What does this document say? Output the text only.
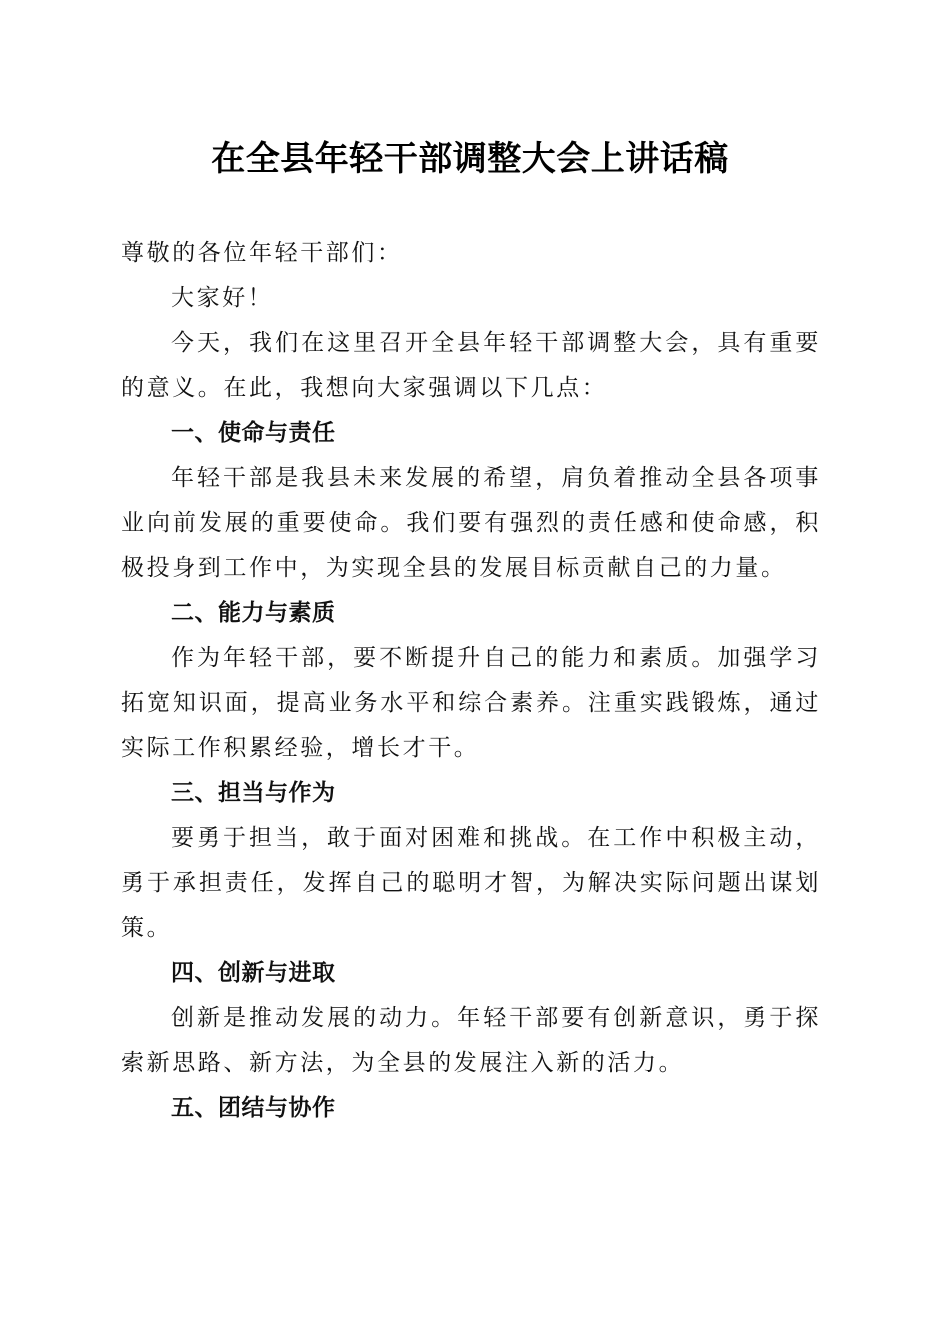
在全县年轻干部调整大会上讲话稿

尊敬的各位年轻干部们：

大家好！

今天，我们在这里召开全县年轻干部调整大会，具有重要的意义。在此，我想向大家强调以下几点：

一、使命与责任

年轻干部是我县未来发展的希望，肩负着推动全县各项事业向前发展的重要使命。我们要有强烈的责任感和使命感，积极投身到工作中，为实现全县的发展目标贡献自己的力量。

二、能力与素质

作为年轻干部，要不断提升自己的能力和素质。加强学习拓宽知识面，提高业务水平和综合素养。注重实践锻炼，通过实际工作积累经验，增长才干。

三、担当与作为

要勇于担当，敢于面对困难和挑战。在工作中积极主动，勇于承担责任，发挥自己的聪明才智，为解决实际问题出谋划策。

四、创新与进取

创新是推动发展的动力。年轻干部要有创新意识，勇于探索新思路、新方法，为全县的发展注入新的活力。

五、团结与协作
